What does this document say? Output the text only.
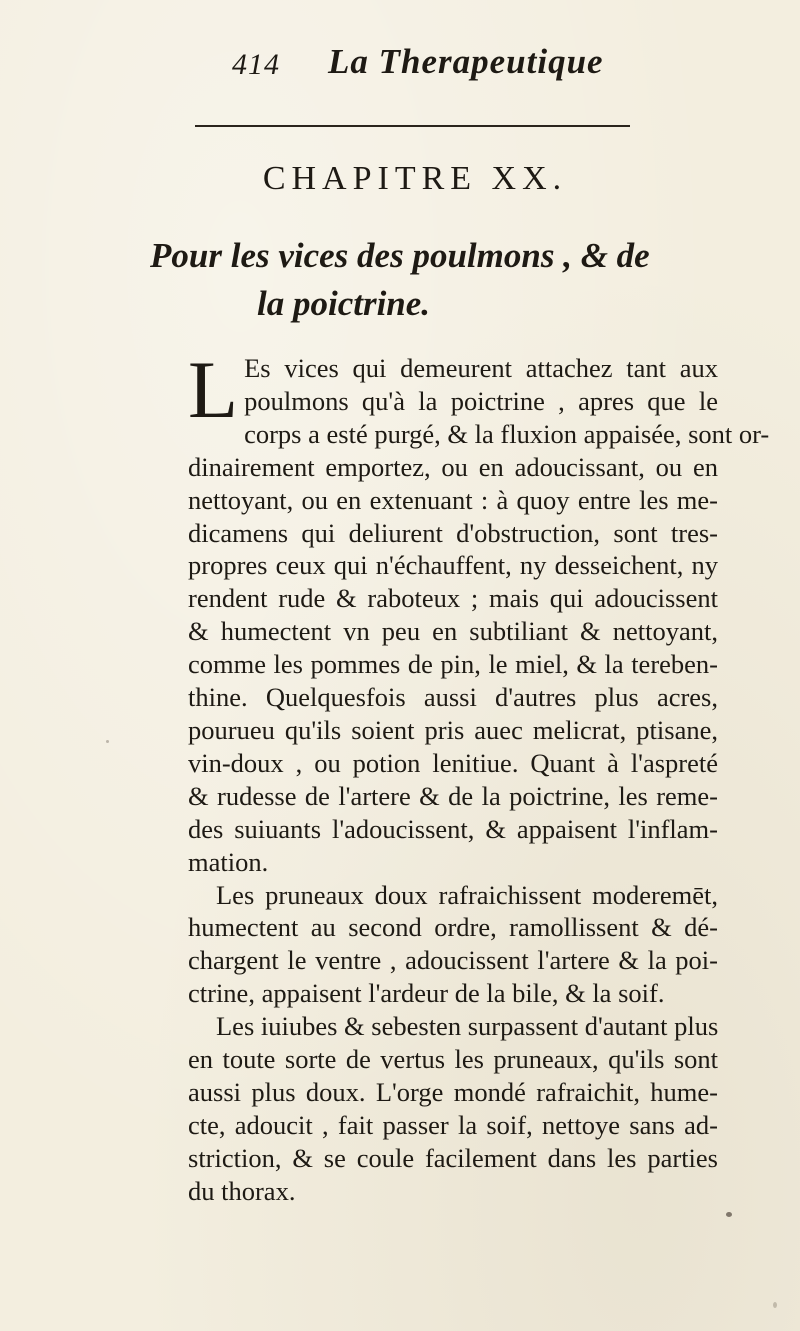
414 La Therapeutique
CHAPITRE XX.
Pour les vices des poulmons , & de
la poictrine.
L Es vices qui demeurent attachez tant aux
poulmons qu'à la poictrine , apres que le
corps a esté purgé, & la fluxion appaisée, sont or-
dinairement emportez, ou en adoucissant, ou en
nettoyant, ou en extenuant : à quoy entre les me-
dicamens qui deliurent d'obstruction, sont tres-
propres ceux qui n'échauffent, ny desseichent, ny
rendent rude & raboteux ; mais qui adoucissent
& humectent vn peu en subtiliant & nettoyant,
comme les pommes de pin, le miel, & la tereben-
thine. Quelquesfois aussi d'autres plus acres,
pourueu qu'ils soient pris auec melicrat, ptisane,
vin-doux , ou potion lenitiue. Quant à l'aspreté
& rudesse de l'artere & de la poictrine, les reme-
des suiuants l'adoucissent, & appaisent l'inflam-
mation.
Les pruneaux doux rafraichissent moderemēt,
humectent au second ordre, ramollissent & dé-
chargent le ventre , adoucissent l'artere & la poi-
ctrine, appaisent l'ardeur de la bile, & la soif.
Les iuiubes & sebesten surpassent d'autant plus
en toute sorte de vertus les pruneaux, qu'ils sont
aussi plus doux. L'orge mondé rafraichit, hume-
cte, adoucit , fait passer la soif, nettoye sans ad-
striction, & se coule facilement dans les parties
du thorax.
